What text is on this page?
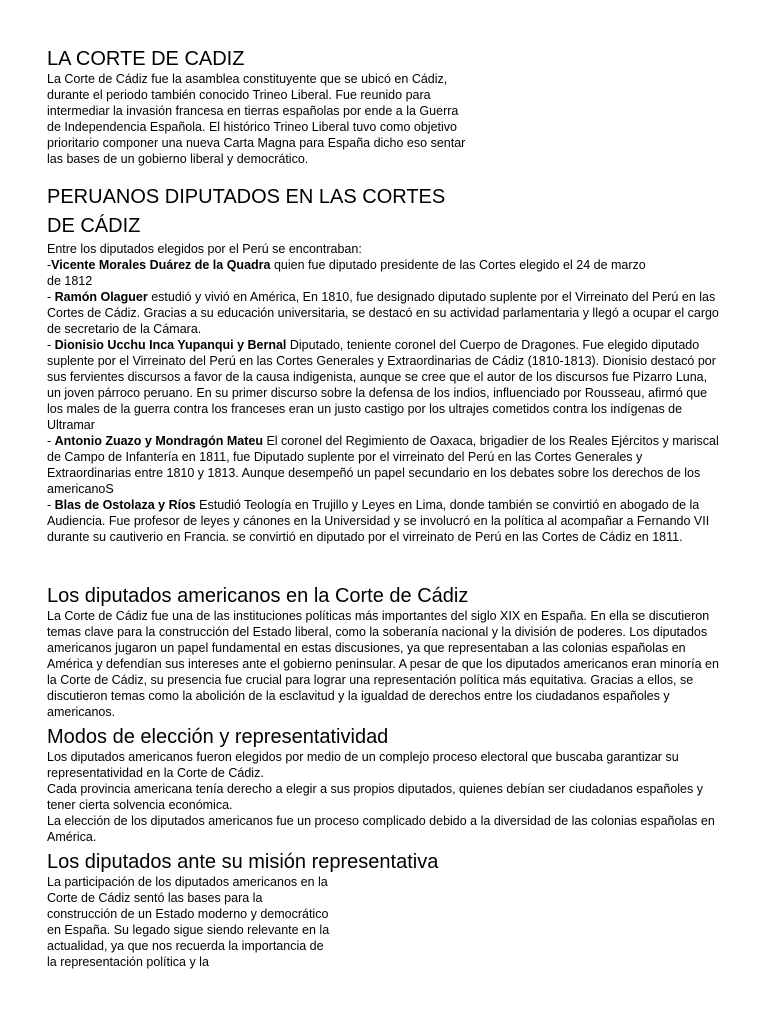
LA CORTE DE CADIZ

La Corte de Cádiz fue la asamblea constituyente que se ubicó en Cádiz, durante el periodo también conocido Trineo Liberal. Fue reunido para intermediar la invasión francesa en tierras españolas por ende a la Guerra de Independencia Española. El histórico Trineo Liberal tuvo como objetivo prioritario componer una nueva Carta Magna para España dicho eso sentar las bases de un gobierno liberal y democrático.

PERUANOS DIPUTADOS EN LAS CORTES DE CÁDIZ

Entre los diputados elegidos por el Perú se encontraban:

-Vicente Morales Duárez de la Quadra quien fue diputado presidente de las Cortes elegido el 24 de marzo de 1812
- Ramón Olaguer estudió y vivió en América, En 1810, fue designado diputado suplente por el Virreinato del Perú en las Cortes de Cádiz. Gracias a su educación universitaria, se destacó en su actividad parlamentaria y llegó a ocupar el cargo de secretario de la Cámara.
- Dionisio Ucchu Inca Yupanqui y Bernal Diputado, teniente coronel del Cuerpo de Dragones. Fue elegido diputado suplente por el Virreinato del Perú en las Cortes Generales y Extraordinarias de Cádiz (1810-1813). Dionisio destacó por sus fervientes discursos a favor de la causa indigenista, aunque se cree que el autor de los discursos fue Pizarro Luna, un joven párroco peruano. En su primer discurso sobre la defensa de los indios, influenciado por Rousseau, afirmó que los males de la guerra contra los franceses eran un justo castigo por los ultrajes cometidos contra los indígenas de Ultramar
- Antonio Zuazo y Mondragón Mateu El coronel del Regimiento de Oaxaca, brigadier de los Reales Ejércitos y mariscal de Campo de Infantería en 1811, fue Diputado suplente por el virreinato del Perú en las Cortes Generales y Extraordinarias entre 1810 y 1813. Aunque desempeñó un papel secundario en los debates sobre los derechos de los americanoS
- Blas de Ostolaza y Ríos Estudió Teología en Trujillo y Leyes en Lima, donde también se convirtió en abogado de la Audiencia. Fue profesor de leyes y cánones en la Universidad y se involucró en la política al acompañar a Fernando VII durante su cautiverio en Francia. se convirtió en diputado por el virreinato de Perú en las Cortes de Cádiz en 1811.
Los diputados americanos en la Corte de Cádiz

La Corte de Cádiz fue una de las instituciones políticas más importantes del siglo XIX en España. En ella se discutieron temas clave para la construcción del Estado liberal, como la soberanía nacional y la división de poderes. Los diputados americanos jugaron un papel fundamental en estas discusiones, ya que representaban a las colonias españolas en América y defendían sus intereses ante el gobierno peninsular. A pesar de que los diputados americanos eran minoría en la Corte de Cádiz, su presencia fue crucial para lograr una representación política más equitativa. Gracias a ellos, se discutieron temas como la abolición de la esclavitud y la igualdad de derechos entre los ciudadanos españoles y americanos.

Modos de elección y representatividad

Los diputados americanos fueron elegidos por medio de un complejo proceso electoral que buscaba garantizar su representatividad en la Corte de Cádiz.

Cada provincia americana tenía derecho a elegir a sus propios diputados, quienes debían ser ciudadanos españoles y tener cierta solvencia económica.

La elección de los diputados americanos fue un proceso complicado debido a la diversidad de las colonias españolas en América.

Los diputados ante su misión representativa

La participación de los diputados americanos en la Corte de Cádiz sentó las bases para la construcción de un Estado moderno y democrático en España. Su legado sigue siendo relevante en la actualidad, ya que nos recuerda la importancia de la representación política y la
